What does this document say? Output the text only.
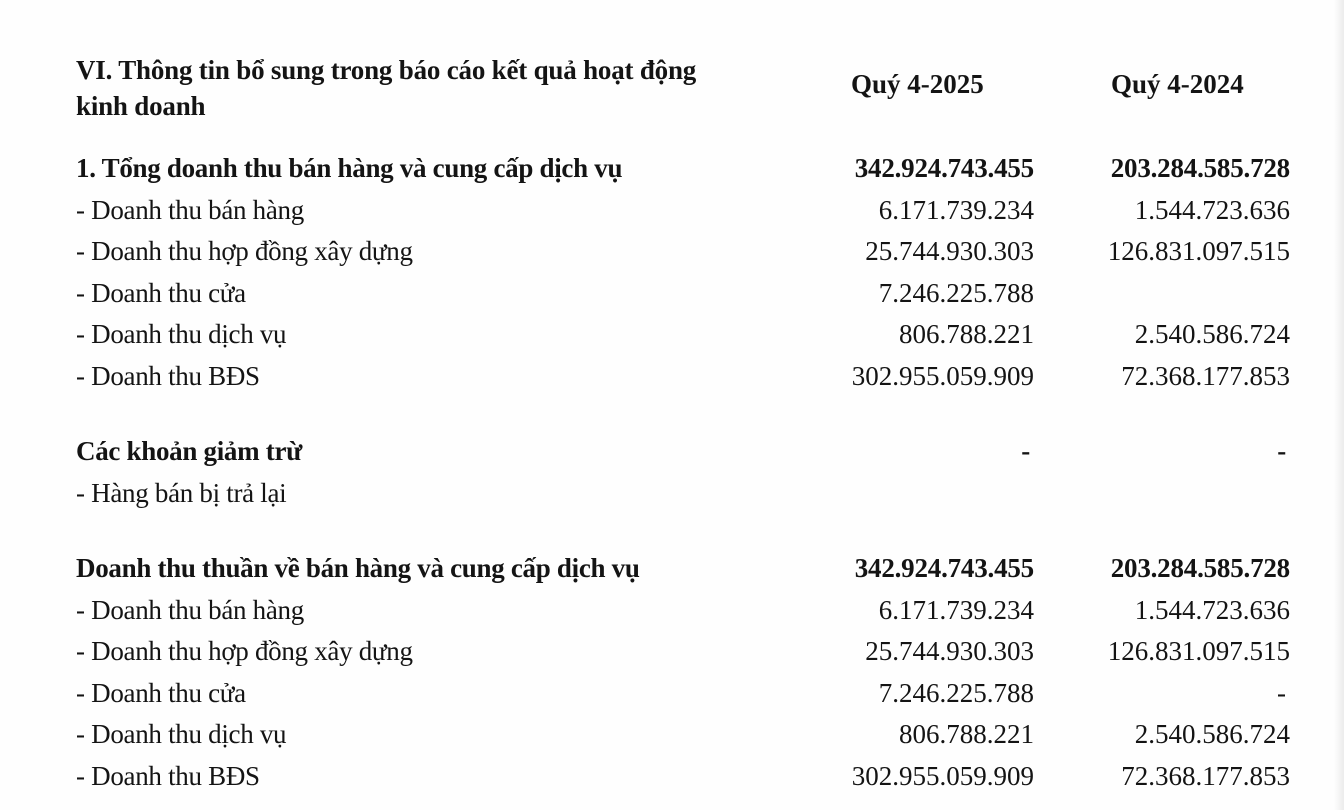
VI. Thông tin bổ sung trong báo cáo kết quả hoạt động
kinh doanh
Quý 4-2025	Quý 4-2024
1. Tổng doanh thu bán hàng và cung cấp dịch vụ	342.924.743.455	203.284.585.728
- Doanh thu bán hàng	6.171.739.234	1.544.723.636
- Doanh thu hợp đồng xây dựng	25.744.930.303	126.831.097.515
- Doanh thu cửa	7.246.225.788
- Doanh thu dịch vụ	806.788.221	2.540.586.724
- Doanh thu BĐS	302.955.059.909	72.368.177.853
Các khoản giảm trừ	-	-
- Hàng bán bị trả lại
Doanh thu thuần về bán hàng và cung cấp dịch vụ	342.924.743.455	203.284.585.728
- Doanh thu bán hàng	6.171.739.234	1.544.723.636
- Doanh thu hợp đồng xây dựng	25.744.930.303	126.831.097.515
- Doanh thu cửa	7.246.225.788	-
- Doanh thu dịch vụ	806.788.221	2.540.586.724
- Doanh thu BĐS	302.955.059.909	72.368.177.853
